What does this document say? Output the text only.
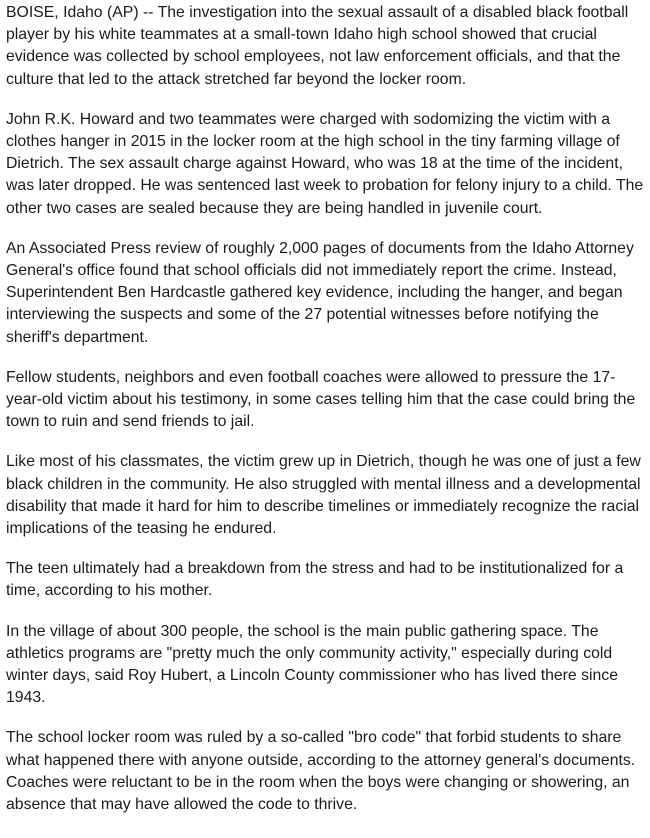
BOISE, Idaho (AP) -- The investigation into the sexual assault of a disabled black football player by his white teammates at a small-town Idaho high school showed that crucial evidence was collected by school employees, not law enforcement officials, and that the culture that led to the attack stretched far beyond the locker room.

John R.K. Howard and two teammates were charged with sodomizing the victim with a clothes hanger in 2015 in the locker room at the high school in the tiny farming village of Dietrich. The sex assault charge against Howard, who was 18 at the time of the incident, was later dropped. He was sentenced last week to probation for felony injury to a child. The other two cases are sealed because they are being handled in juvenile court.

An Associated Press review of roughly 2,000 pages of documents from the Idaho Attorney General's office found that school officials did not immediately report the crime. Instead, Superintendent Ben Hardcastle gathered key evidence, including the hanger, and began interviewing the suspects and some of the 27 potential witnesses before notifying the sheriff's department.

Fellow students, neighbors and even football coaches were allowed to pressure the 17-year-old victim about his testimony, in some cases telling him that the case could bring the town to ruin and send friends to jail.

Like most of his classmates, the victim grew up in Dietrich, though he was one of just a few black children in the community. He also struggled with mental illness and a developmental disability that made it hard for him to describe timelines or immediately recognize the racial implications of the teasing he endured.

The teen ultimately had a breakdown from the stress and had to be institutionalized for a time, according to his mother.

In the village of about 300 people, the school is the main public gathering space. The athletics programs are "pretty much the only community activity," especially during cold winter days, said Roy Hubert, a Lincoln County commissioner who has lived there since 1943.

The school locker room was ruled by a so-called "bro code" that forbid students to share what happened there with anyone outside, according to the attorney general's documents. Coaches were reluctant to be in the room when the boys were changing or showering, an absence that may have allowed the code to thrive.
